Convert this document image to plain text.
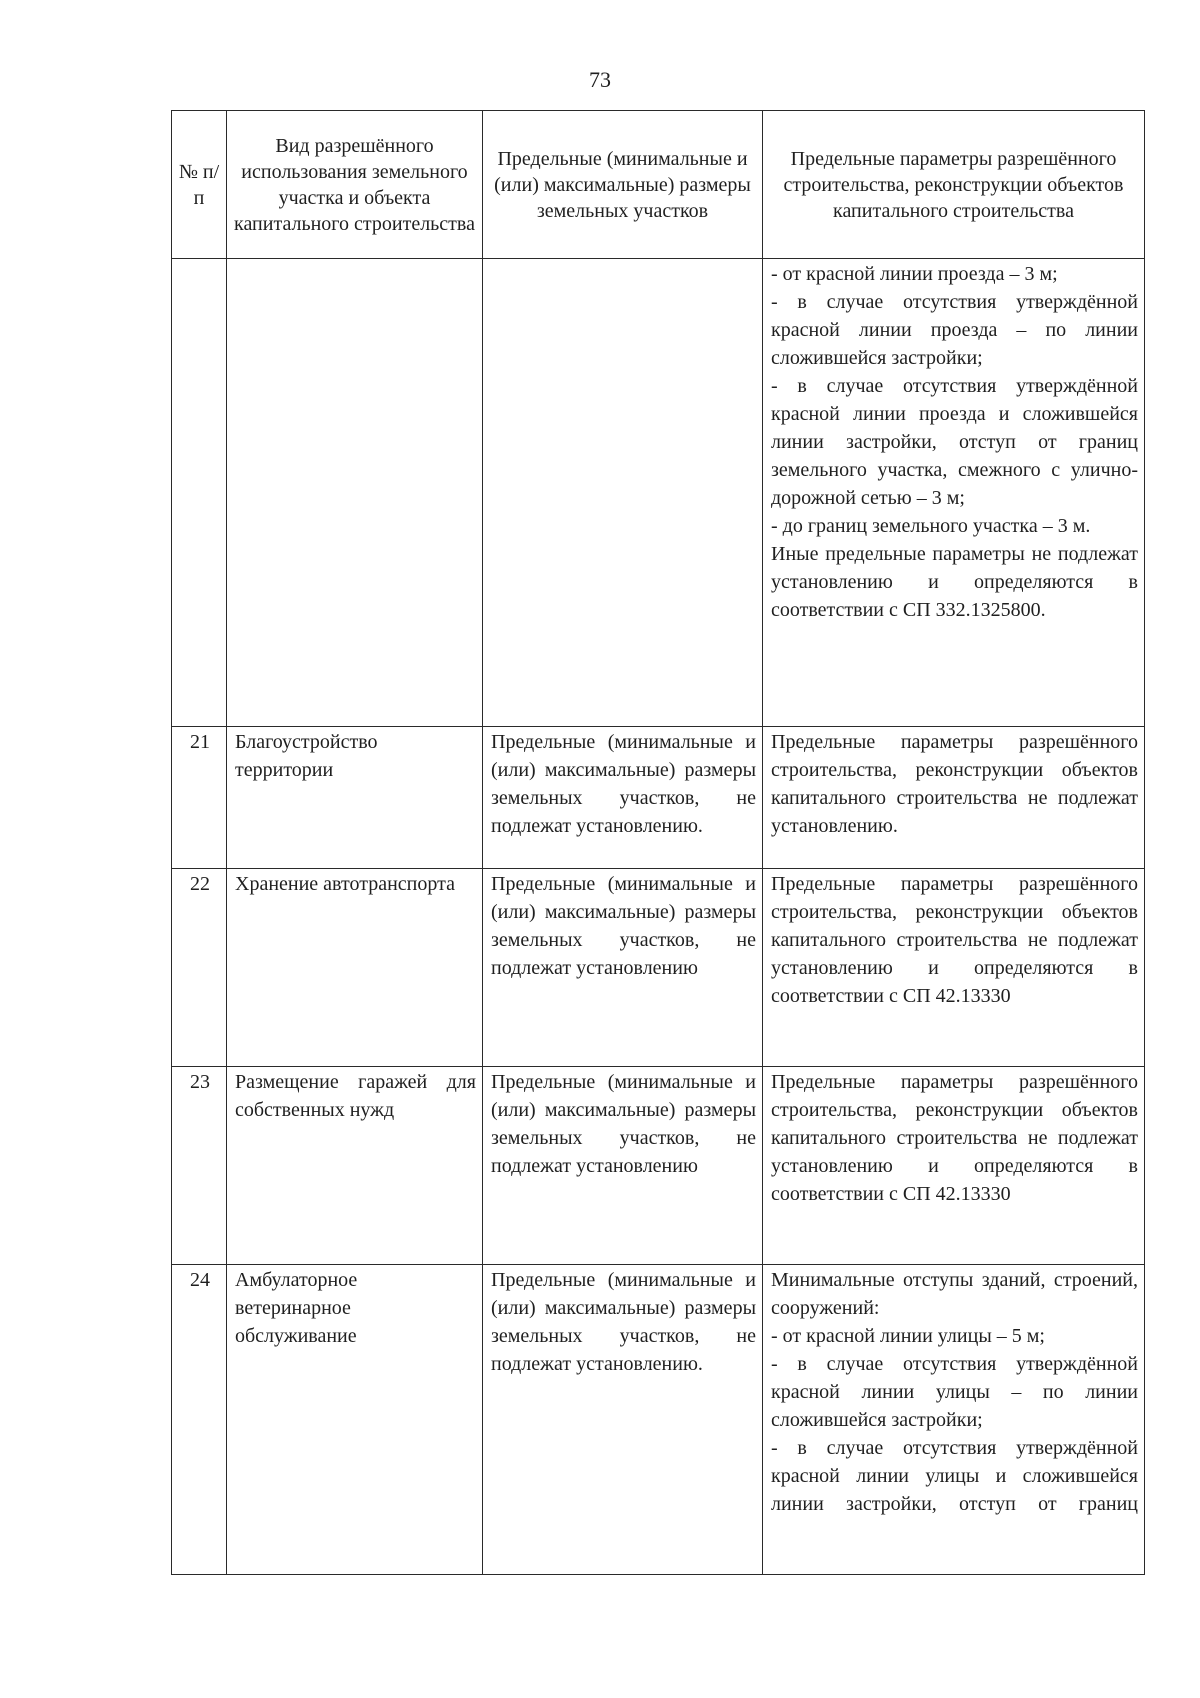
73
№ п/п	Вид разрешённого использования земельного участка и объекта капитального строительства	Предельные (минимальные и (или) максимальные) размеры земельных участков	Предельные параметры разрешённого строительства, реконструкции объектов капитального строительства

			- от красной линии проезда – 3 м;

- в случае отсутствия утверждённой красной линии проезда – по линии сложившейся застройки;

- в случае отсутствия утверждённой красной линии проезда и сложившейся линии застройки, отступ от границ земельного участка, смежного с улично-дорожной сетью – 3 м;

- до границ земельного участка – 3 м.

Иные предельные параметры не подлежат установлению и определяются в соответствии с СП 332.1325800.

21	Благоустройство территории	Предельные (минимальные и (или) максимальные) размеры земельных участков, не подлежат установлению.	Предельные параметры разрешённого строительства, реконструкции объектов капитального строительства не подлежат установлению.

22	Хранение автотранспорта	Предельные (минимальные и (или) максимальные) размеры земельных участков, не подлежат установлению	Предельные параметры разрешённого строительства, реконструкции объектов капитального строительства не подлежат установлению и определяются в соответствии с СП 42.13330

23	Размещение гаражей для собственных нужд	Предельные (минимальные и (или) максимальные) размеры земельных участков, не подлежат установлению	Предельные параметры разрешённого строительства, реконструкции объектов капитального строительства не подлежат установлению и определяются в соответствии с СП 42.13330

24	Амбулаторное ветеринарное обслуживание	Предельные (минимальные и (или) максимальные) размеры земельных участков, не подлежат установлению.	Минимальные отступы зданий, строений, сооружений:

- от красной линии улицы – 5 м;

- в случае отсутствия утверждённой красной линии улицы – по линии сложившейся застройки;

- в случае отсутствия утверждённой красной линии улицы и сложившейся линии застройки, отступ от границ
